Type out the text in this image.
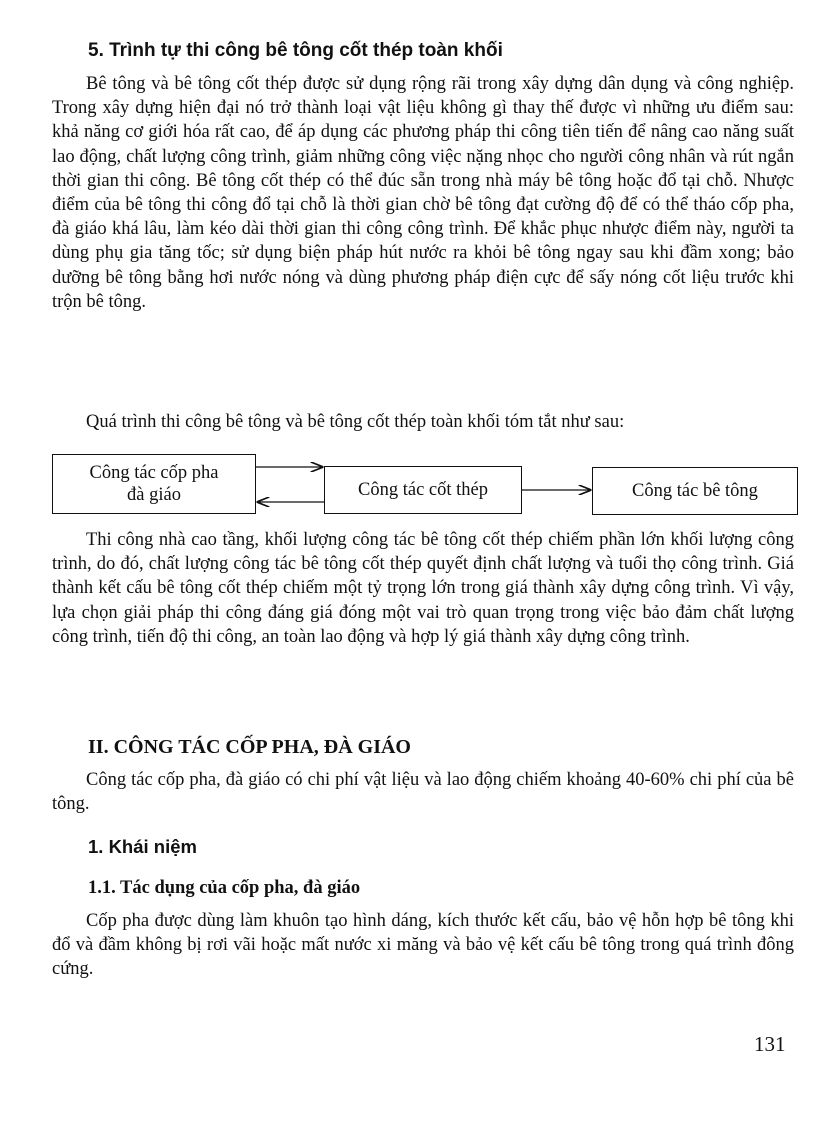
5. Trình tự thi công bê tông cốt thép toàn khối

Bê tông và bê tông cốt thép được sử dụng rộng rãi trong xây dựng dân dụng và công nghiệp. Trong xây dựng hiện đại nó trở thành loại vật liệu không gì thay thế được vì những ưu điểm sau: khả năng cơ giới hóa rất cao, để áp dụng các phương pháp thi công tiên tiến để nâng cao năng suất lao động, chất lượng công trình, giảm những công việc nặng nhọc cho người công nhân và rút ngắn thời gian thi công. Bê tông cốt thép có thể đúc sẵn trong nhà máy bê tông hoặc đổ tại chỗ. Nhược điểm của bê tông thi công đổ tại chỗ là thời gian chờ bê tông đạt cường độ để có thể tháo cốp pha, đà giáo khá lâu, làm kéo dài thời gian thi công công trình. Để khắc phục nhược điểm này, người ta dùng phụ gia tăng tốc; sử dụng biện pháp hút nước ra khỏi bê tông ngay sau khi đầm xong; bảo dưỡng bê tông bằng hơi nước nóng và dùng phương pháp điện cực để sấy nóng cốt liệu trước khi trộn bê tông.

Quá trình thi công bê tông và bê tông cốt thép toàn khối tóm tắt như sau:

Công tác cốp pha
đà giáo	Công tác cốt thép	Công tác bê tông

Thi công nhà cao tầng, khối lượng công tác bê tông cốt thép chiếm phần lớn khối lượng công trình, do đó, chất lượng công tác bê tông cốt thép quyết định chất lượng và tuổi thọ công trình. Giá thành kết cấu bê tông cốt thép chiếm một tỷ trọng lớn trong giá thành xây dựng công trình. Vì vậy, lựa chọn giải pháp thi công đáng giá đóng một vai trò quan trọng trong việc bảo đảm chất lượng công trình, tiến độ thi công, an toàn lao động và hợp lý giá thành xây dựng công trình.

II. CÔNG TÁC CỐP PHA, ĐÀ GIÁO

Công tác cốp pha, đà giáo có chi phí vật liệu và lao động chiếm khoảng 40-60% chi phí của bê tông.

1. Khái niệm
1.1. Tác dụng của cốp pha, đà giáo

Cốp pha được dùng làm khuôn tạo hình dáng, kích thước kết cấu, bảo vệ hỗn hợp bê tông khi đổ và đầm không bị rơi vãi hoặc mất nước xi măng và bảo vệ kết cấu bê tông trong quá trình đông cứng.

131
